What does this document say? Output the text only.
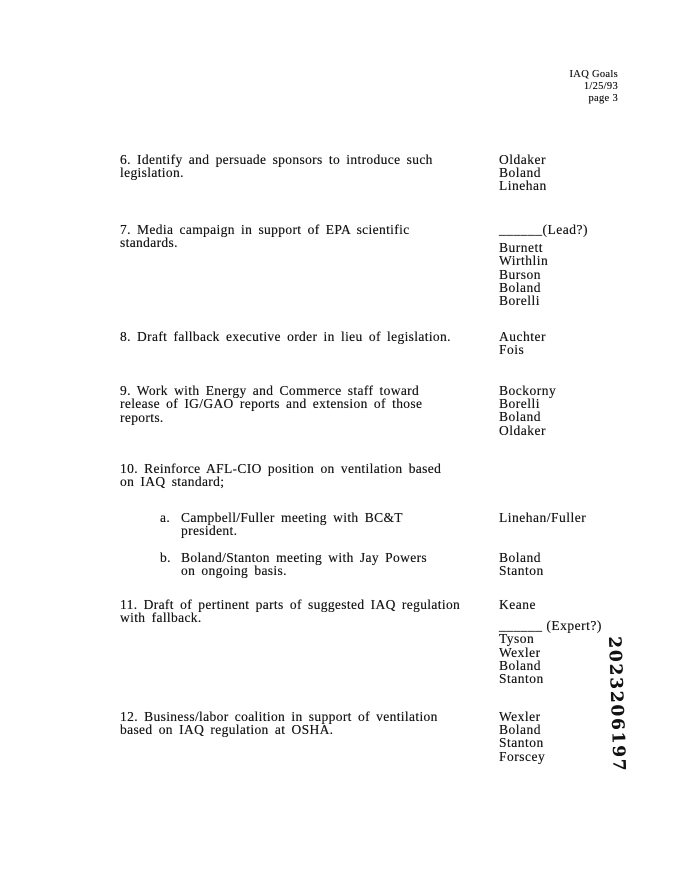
IAQ Goals
1/25/93
page 3
6. Identify and persuade sponsors to introduce such
legislation.
Oldaker
Boland
Linehan
7. Media campaign in support of EPA scientific
standards.
______(Lead?)
Burnett
Wirthlin
Burson
Boland
Borelli
8. Draft fallback executive order in lieu of legislation.	Auchter
Fois
9. Work with Energy and Commerce staff toward
release of IG/GAO reports and extension of those
reports.
Bockorny
Borelli
Boland
Oldaker
10. Reinforce AFL-CIO position on ventilation based
on IAQ standard;
a. Campbell/Fuller meeting with BC&T
president.
Linehan/Fuller
b. Boland/Stanton meeting with Jay Powers
on ongoing basis.
Boland
Stanton
11. Draft of pertinent parts of suggested IAQ regulation
with fallback.
Keane
______ (Expert?)
Tyson
Wexler
Boland
Stanton
12. Business/labor coalition in support of ventilation
based on IAQ regulation at OSHA.
Wexler
Boland
Stanton
Forscey	2023206197
